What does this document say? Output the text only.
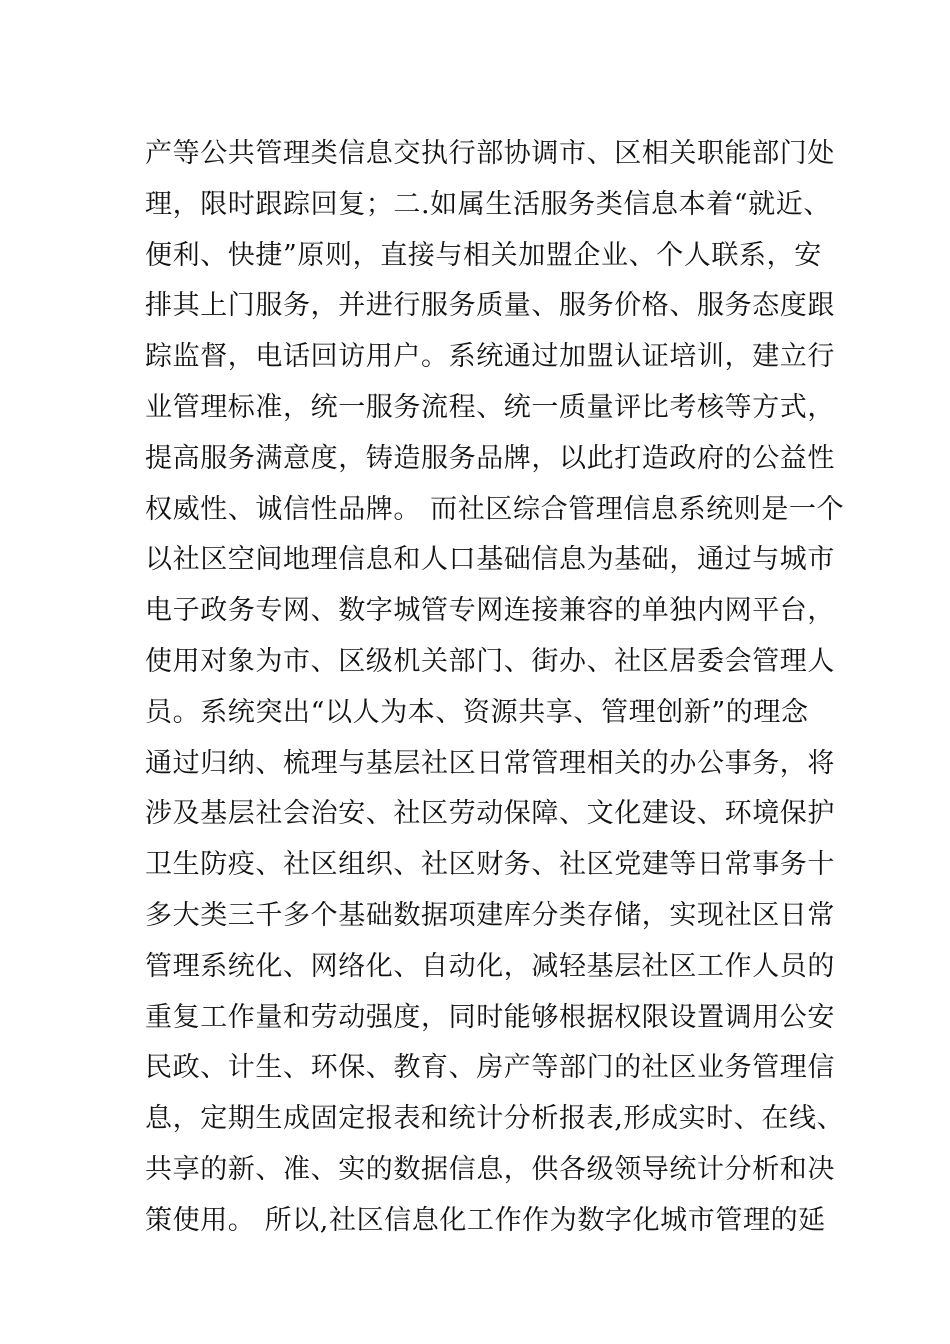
产等公共管理类信息交执行部协调市、区相关职能部门处
理，限时跟踪回复；二.如属生活服务类信息本着“就近、
便利、快捷”原则，直接与相关加盟企业、个人联系，安
排其上门服务，并进行服务质量、服务价格、服务态度跟
踪监督，电话回访用户。系统通过加盟认证培训，建立行
业管理标准，统一服务流程、统一质量评比考核等方式，
提高服务满意度，铸造服务品牌，以此打造政府的公益性
权威性、诚信性品牌。 而社区综合管理信息系统则是一个
以社区空间地理信息和人口基础信息为基础，通过与城市
电子政务专网、数字城管专网连接兼容的单独内网平台，
使用对象为市、区级机关部门、街办、社区居委会管理人
员。系统突出“以人为本、资源共享、管理创新”的理念
通过归纳、梳理与基层社区日常管理相关的办公事务，将
涉及基层社会治安、社区劳动保障、文化建设、环境保护
卫生防疫、社区组织、社区财务、社区党建等日常事务十
多大类三千多个基础数据项建库分类存储，实现社区日常
管理系统化、网络化、自动化，减轻基层社区工作人员的
重复工作量和劳动强度，同时能够根据权限设置调用公安
民政、计生、环保、教育、房产等部门的社区业务管理信
息，定期生成固定报表和统计分析报表,形成实时、在线、
共享的新、准、实的数据信息，供各级领导统计分析和决
策使用。 所以,社区信息化工作作为数字化城市管理的延
